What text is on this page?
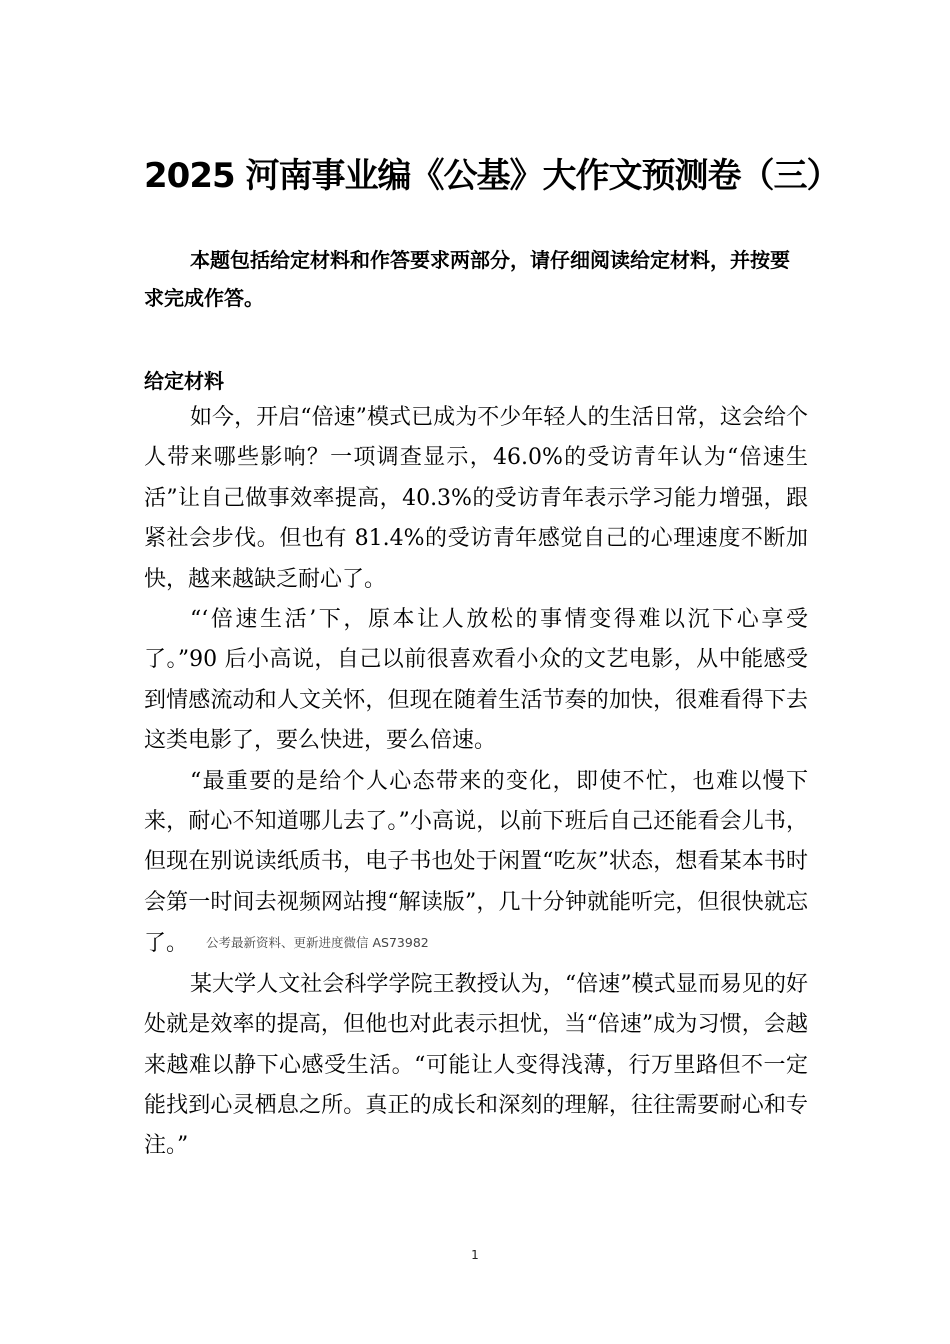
2025 河南事业编《公基》大作文预测卷（三）

本题包括给定材料和作答要求两部分，请仔细阅读给定材料，并按要求完成作答。

给定材料

如今，开启“倍速”模式已成为不少年轻人的生活日常，这会给个人带来哪些影响？一项调查显示，46.0%的受访青年认为“倍速生活”让自己做事效率提高，40.3%的受访青年表示学习能力增强，跟紧社会步伐。但也有 81.4%的受访青年感觉自己的心理速度不断加快，越来越缺乏耐心了。

“‘倍速生活’下，原本让人放松的事情变得难以沉下心享受了。”90 后小高说，自己以前很喜欢看小众的文艺电影，从中能感受到情感流动和人文关怀，但现在随着生活节奏的加快，很难看得下去这类电影了，要么快进，要么倍速。

“最重要的是给个人心态带来的变化，即使不忙，也难以慢下来，耐心不知道哪儿去了。”小高说，以前下班后自己还能看会儿书，但现在别说读纸质书，电子书也处于闲置“吃灰”状态，想看某本书时会第一时间去视频网站搜“解读版”，几十分钟就能听完，但很快就忘了。 公考最新资料、更新进度微信 AS73982

某大学人文社会科学学院王教授认为，“倍速”模式显而易见的好处就是效率的提高，但他也对此表示担忧，当“倍速”成为习惯，会越来越难以静下心感受生活。“可能让人变得浅薄，行万里路但不一定能找到心灵栖息之所。真正的成长和深刻的理解，往往需要耐心和专注。”

1
